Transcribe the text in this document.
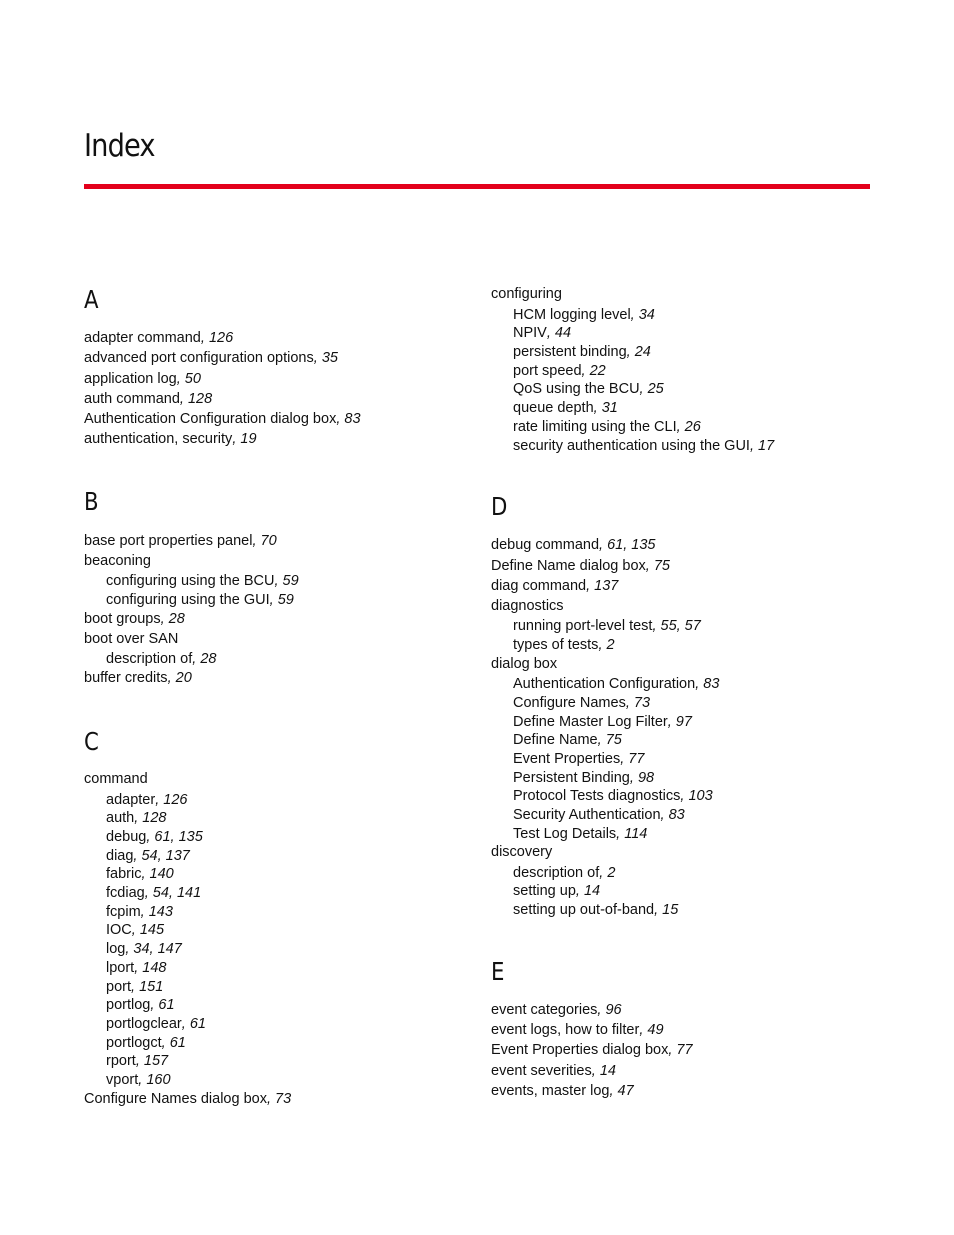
Index
A
adapter command, 126
advanced port configuration options, 35
application log, 50
auth command, 128
Authentication Configuration dialog box, 83
authentication, security, 19
B
base port properties panel, 70
beaconing
configuring using the BCU, 59
configuring using the GUI, 59
boot groups, 28
boot over SAN
description of, 28
buffer credits, 20
C
command
adapter, 126
auth, 128
debug, 61, 135
diag, 54, 137
fabric, 140
fcdiag, 54, 141
fcpim, 143
IOC, 145
log, 34, 147
lport, 148
port, 151
portlog, 61
portlogclear, 61
portlogct, 61
rport, 157
vport, 160
Configure Names dialog box, 73
configuring
HCM logging level, 34
NPIV, 44
persistent binding, 24
port speed, 22
QoS using the BCU, 25
queue depth, 31
rate limiting using the CLI, 26
security authentication using the GUI, 17
D
debug command, 61, 135
Define Name dialog box, 75
diag command, 137
diagnostics
running port-level test, 55, 57
types of tests, 2
dialog box
Authentication Configuration, 83
Configure Names, 73
Define Master Log Filter, 97
Define Name, 75
Event Properties, 77
Persistent Binding, 98
Protocol Tests diagnostics, 103
Security Authentication, 83
Test Log Details, 114
discovery
description of, 2
setting up, 14
setting up out-of-band, 15
E
event categories, 96
event logs, how to filter, 49
Event Properties dialog box, 77
event severities, 14
events, master log, 47
